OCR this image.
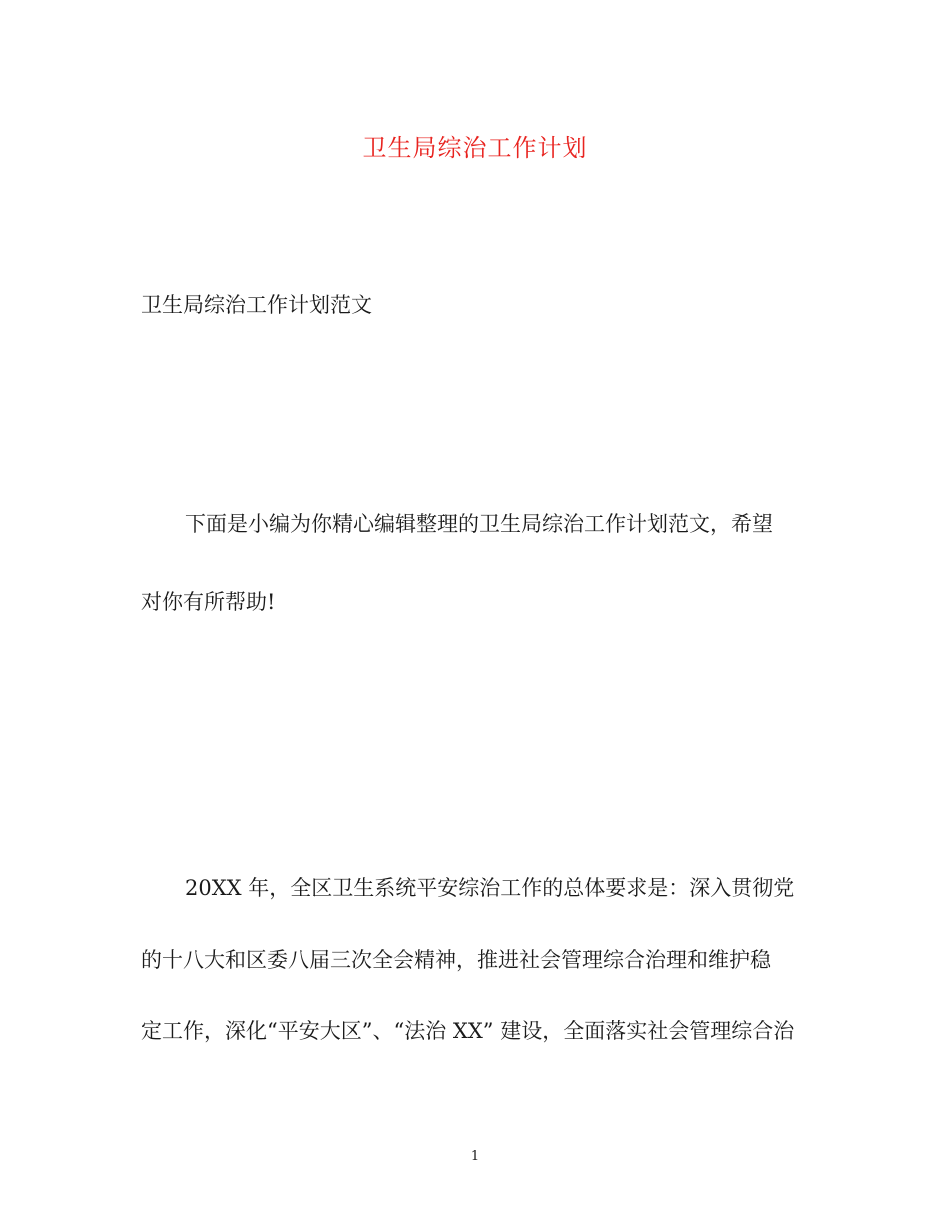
卫生局综治工作计划
卫生局综治工作计划范文
下面是小编为你精心编辑整理的卫生局综治工作计划范文，希望
对你有所帮助!
20XX 年，全区卫生系统平安综治工作的总体要求是：深入贯彻党
的十八大和区委八届三次全会精神，推进社会管理综合治理和维护稳
定工作，深化“平安大区”、“法治 XX” 建设，全面落实社会管理综合治
1
